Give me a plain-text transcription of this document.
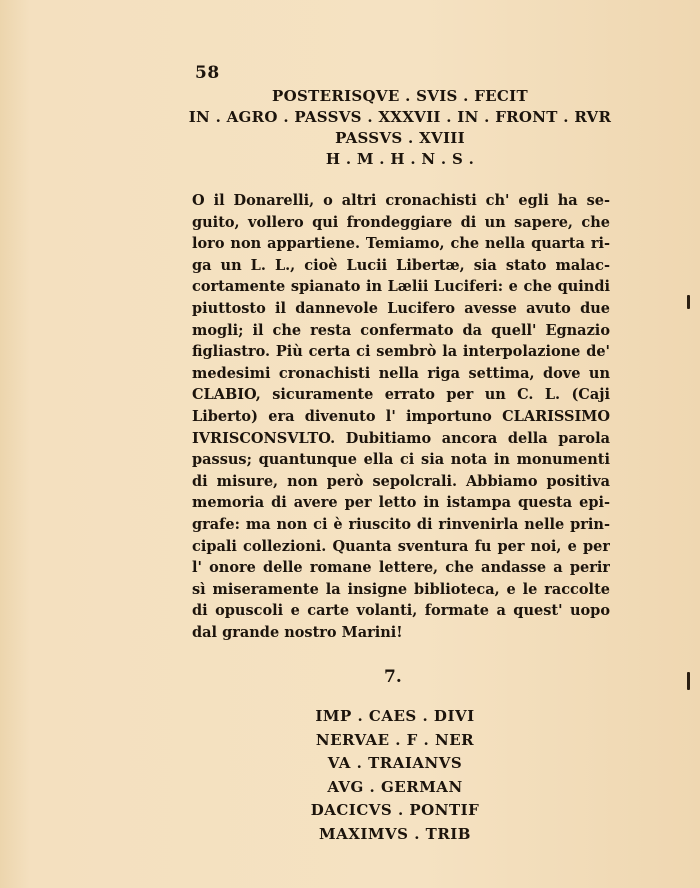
58
POSTERISQVE . SVIS . FECIT
IN . AGRO . PASSVS . XXXVII . IN . FRONT . RVR
PASSVS . XVIII
H . M . H . N . S .
O il Donarelli, o altri cronachisti ch' egli ha se-
guito, vollero qui frondeggiare di un sapere, che
loro non appartiene. Temiamo, che nella quarta ri-
ga un L. L., cioè Lucii Libertæ, sia stato malac-
cortamente spianato in Lælii Luciferi: e che quindi
piuttosto il dannevole Lucifero avesse avuto due
mogli; il che resta confermato da quell' Egnazio
figliastro. Più certa ci sembrò la interpolazione de'
medesimi cronachisti nella riga settima, dove un
CLABIO, sicuramente errato per un C. L. (Caji
Liberto) era divenuto l' importuno CLARISSIMO
IVRISCONSVLTO. Dubitiamo ancora della parola
passus; quantunque ella ci sia nota in monumenti
di misure, non però sepolcrali. Abbiamo positiva
memoria di avere per letto in istampa questa epi-
grafe: ma non ci è riuscito di rinvenirla nelle prin-
cipali collezioni. Quanta sventura fu per noi, e per
l' onore delle romane lettere, che andasse a perir
sì miseramente la insigne biblioteca, e le raccolte
di opuscoli e carte volanti, formate a quest' uopo
dal grande nostro Marini!
7.
IMP . CAES . DIVI
NERVAE . F . NER
VA . TRAIANVS
AVG . GERMAN
DACICVS . PONTIF
MAXIMVS . TRIB
